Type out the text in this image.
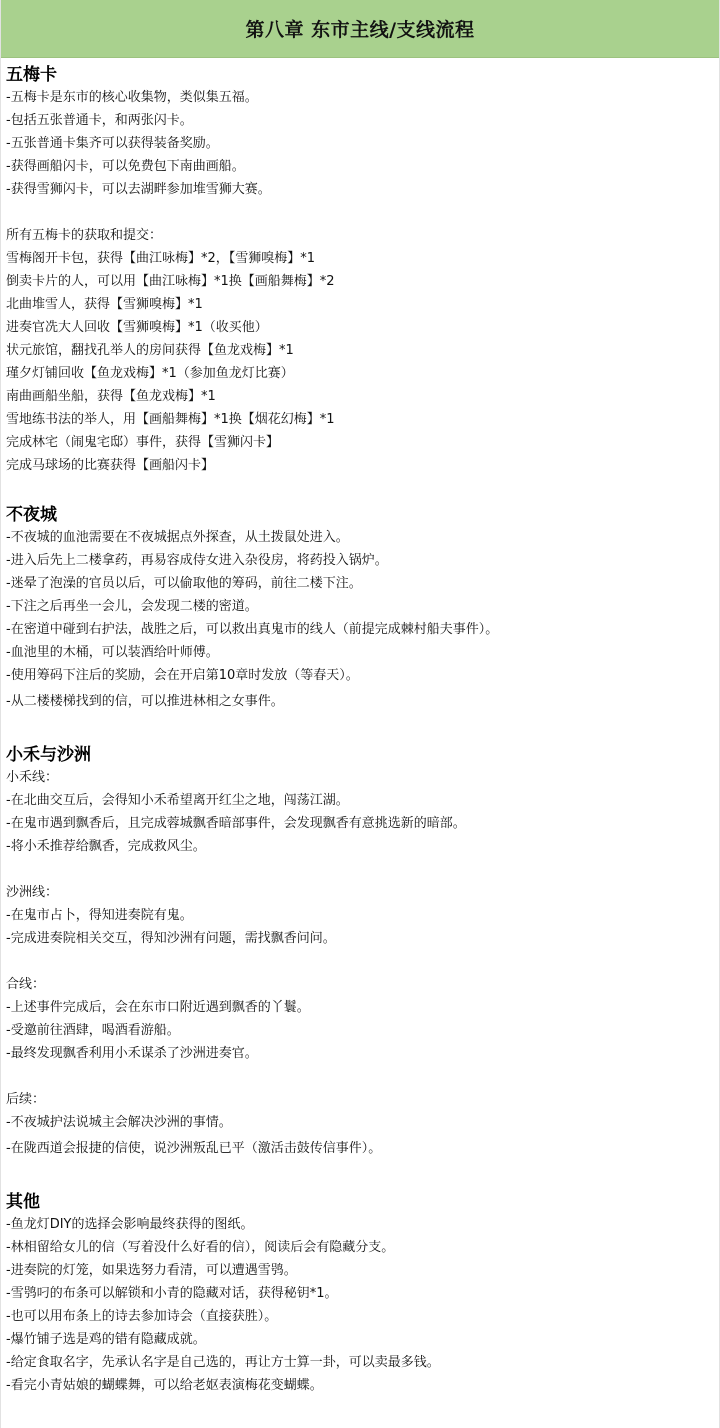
第八章 东市主线/支线流程
五梅卡
-五梅卡是东市的核心收集物，类似集五福。
-包括五张普通卡，和两张闪卡。
-五张普通卡集齐可以获得装备奖励。
-获得画船闪卡，可以免费包下南曲画船。
-获得雪狮闪卡，可以去湖畔参加堆雪狮大赛。
所有五梅卡的获取和提交：
雪梅阁开卡包，获得【曲江咏梅】*2，【雪狮嗅梅】*1
倒卖卡片的人，可以用【曲江咏梅】*1换【画船舞梅】*2
北曲堆雪人，获得【雪狮嗅梅】*1
进奏官冼大人回收【雪狮嗅梅】*1（收买他）
状元旅馆，翻找孔举人的房间获得【鱼龙戏梅】*1
瑾夕灯铺回收【鱼龙戏梅】*1（参加鱼龙灯比赛）
南曲画船坐船，获得【鱼龙戏梅】*1
雪地练书法的举人，用【画船舞梅】*1换【烟花幻梅】*1
完成林宅（闹鬼宅邸）事件，获得【雪狮闪卡】
完成马球场的比赛获得【画船闪卡】
不夜城
-不夜城的血池需要在不夜城据点外探查，从土拨鼠处进入。
-进入后先上二楼拿药，再易容成侍女进入杂役房，将药投入锅炉。
-迷晕了泡澡的官员以后，可以偷取他的筹码，前往二楼下注。
-下注之后再坐一会儿，会发现二楼的密道。
-在密道中碰到右护法，战胜之后，可以救出真鬼市的线人（前提完成棘村船夫事件）。
-血池里的木桶，可以装酒给叶师傅。
-使用筹码下注后的奖励，会在开启第10章时发放（等春天）。
-从二楼楼梯找到的信，可以推进林相之女事件。
小禾与沙洲
小禾线：
-在北曲交互后，会得知小禾希望离开红尘之地，闯荡江湖。
-在鬼市遇到飘香后，且完成蓉城飘香暗部事件，会发现飘香有意挑选新的暗部。
-将小禾推荐给飘香，完成救风尘。
沙洲线：
-在鬼市占卜，得知进奏院有鬼。
-完成进奏院相关交互，得知沙洲有问题，需找飘香问问。
合线：
-上述事件完成后，会在东市口附近遇到飘香的丫鬟。
-受邀前往酒肆，喝酒看游船。
-最终发现飘香利用小禾谋杀了沙洲进奏官。
后续：
-不夜城护法说城主会解决沙洲的事情。
-在陇西道会报捷的信使，说沙洲叛乱已平（激活击鼓传信事件）。
其他
-鱼龙灯DIY的选择会影响最终获得的图纸。
-林相留给女儿的信（写着没什么好看的信），阅读后会有隐藏分支。
-进奏院的灯笼，如果选努力看清，可以遭遇雪鸮。
-雪鸮叼的布条可以解锁和小青的隐藏对话，获得秘钥*1。
-也可以用布条上的诗去参加诗会（直接获胜）。
-爆竹铺子选是鸡的错有隐藏成就。
-给定食取名字，先承认名字是自己选的，再让方士算一卦，可以卖最多钱。
-看完小青姑娘的蝴蝶舞，可以给老妪表演梅花变蝴蝶。
